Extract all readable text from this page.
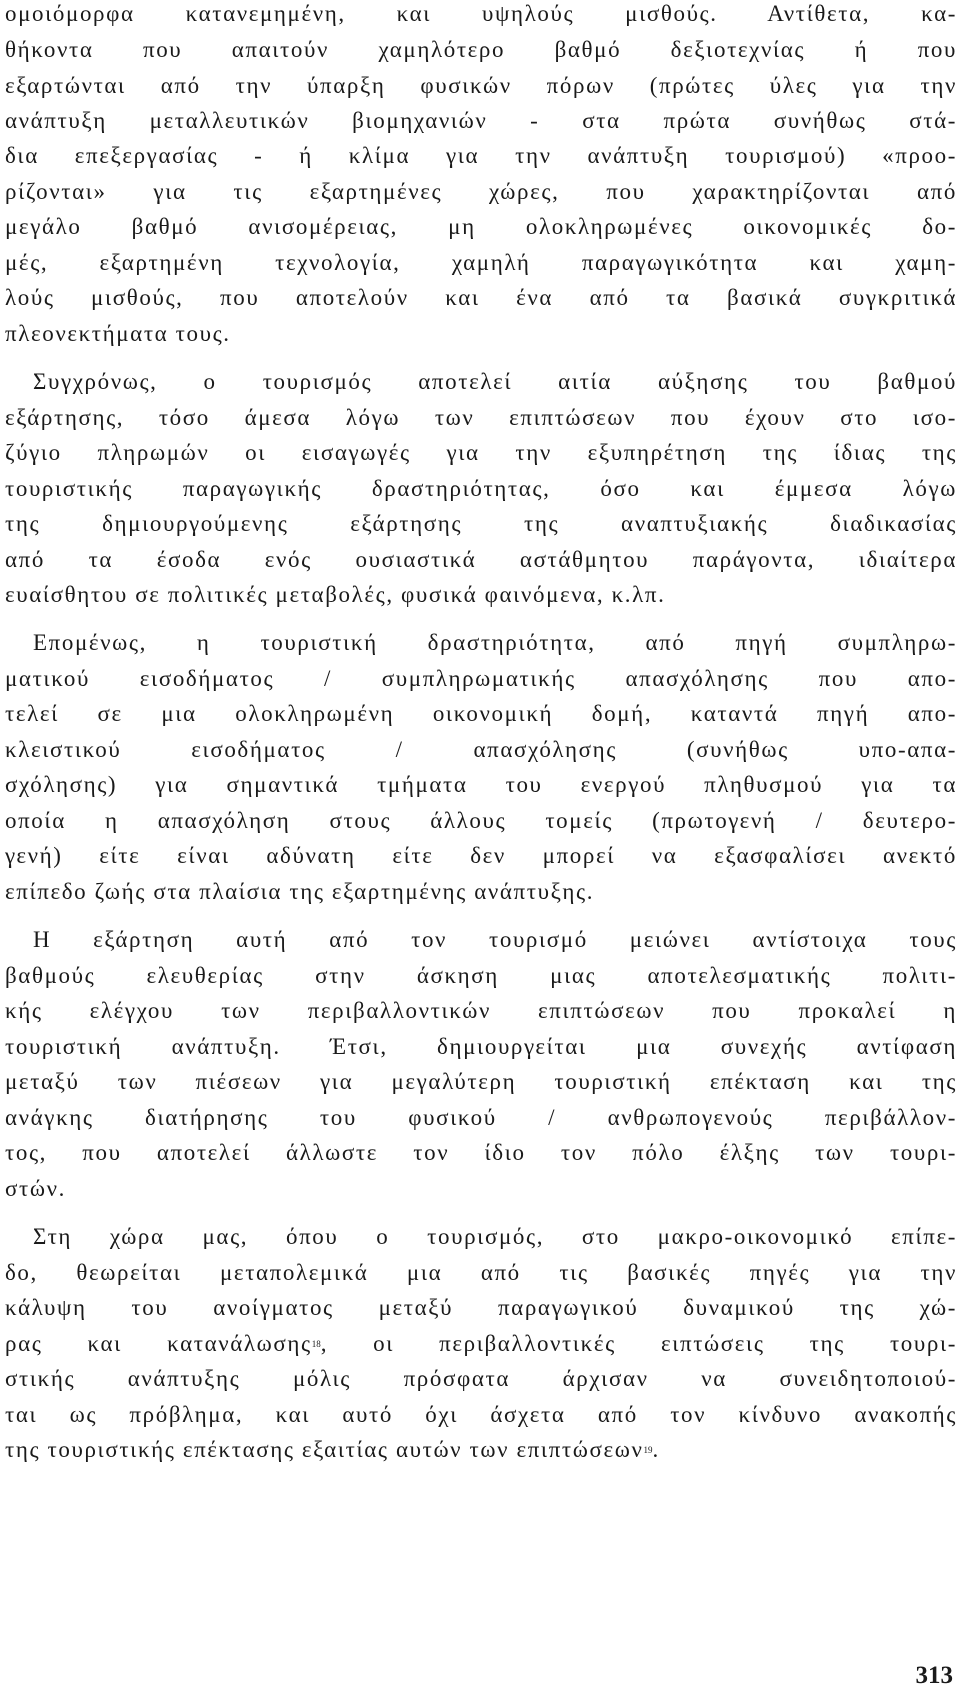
ομοιόμορφα κατανεμημένη, και υψηλούς μισθούς. Αντίθετα, κα-
θήκοντα που απαιτούν χαμηλότερο βαθμό δεξιοτεχνίας ή που
εξαρτώνται από την ύπαρξη φυσικών πόρων (πρώτες ύλες για την
ανάπτυξη μεταλλευτικών βιομηχανιών - στα πρώτα συνήθως στά-
δια επεξεργασίας - ή κλίμα για την ανάπτυξη τουρισμού) «προο-
ρίζονται» για τις εξαρτημένες χώρες, που χαρακτηρίζονται από
μεγάλο βαθμό ανισομέρειας, μη ολοκληρωμένες οικονομικές δο-
μές, εξαρτημένη τεχνολογία, χαμηλή παραγωγικότητα και χαμη-
λούς μισθούς, που αποτελούν και ένα από τα βασικά συγκριτικά
πλεονεκτήματα τους.
Συγχρόνως, ο τουρισμός αποτελεί αιτία αύξησης του βαθμού
εξάρτησης, τόσο άμεσα λόγω των επιπτώσεων που έχουν στο ισο-
ζύγιο πληρωμών οι εισαγωγές για την εξυπηρέτηση της ίδιας της
τουριστικής παραγωγικής δραστηριότητας, όσο και έμμεσα λόγω
της δημιουργούμενης εξάρτησης της αναπτυξιακής διαδικασίας
από τα έσοδα ενός ουσιαστικά αστάθμητου παράγοντα, ιδιαίτερα
ευαίσθητου σε πολιτικές μεταβολές, φυσικά φαινόμενα, κ.λπ.
Επομένως, η τουριστική δραστηριότητα, από πηγή συμπληρω-
ματικού εισοδήματος / συμπληρωματικής απασχόλησης που απο-
τελεί σε μια ολοκληρωμένη οικονομική δομή, καταντά πηγή απο-
κλειστικού εισοδήματος / απασχόλησης (συνήθως υπο-απα-
σχόλησης) για σημαντικά τμήματα του ενεργού πληθυσμού για τα
οποία η απασχόληση στους άλλους τομείς (πρωτογενή / δευτερο-
γενή) είτε είναι αδύνατη είτε δεν μπορεί να εξασφαλίσει ανεκτό
επίπεδο ζωής στα πλαίσια της εξαρτημένης ανάπτυξης.
Η εξάρτηση αυτή από τον τουρισμό μειώνει αντίστοιχα τους
βαθμούς ελευθερίας στην άσκηση μιας αποτελεσματικής πολιτι-
κής ελέγχου των περιβαλλοντικών επιπτώσεων που προκαλεί η
τουριστική ανάπτυξη. Έτσι, δημιουργείται μια συνεχής αντίφαση
μεταξύ των πιέσεων για μεγαλύτερη τουριστική επέκταση και της
ανάγκης διατήρησης του φυσικού / ανθρωπογενούς περιβάλλον-
τος, που αποτελεί άλλωστε τον ίδιο τον πόλο έλξης των τουρι-
στών.
Στη χώρα μας, όπου ο τουρισμός, στο μακρο-οικονομικό επίπε-
δο, θεωρείται μεταπολεμικά μια από τις βασικές πηγές για την
κάλυψη του ανοίγματος μεταξύ παραγωγικού δυναμικού της χώ-
ρας και κατανάλωσης$^{18}$, οι περιβαλλοντικές ειπτώσεις της τουρι-
στικής ανάπτυξης μόλις πρόσφατα άρχισαν να συνειδητοποιού-
ται ως πρόβλημα, και αυτό όχι άσχετα από τον κίνδυνο ανακοπής
της τουριστικής επέκτασης εξαιτίας αυτών των επιπτώσεων$^{19}$.
313
